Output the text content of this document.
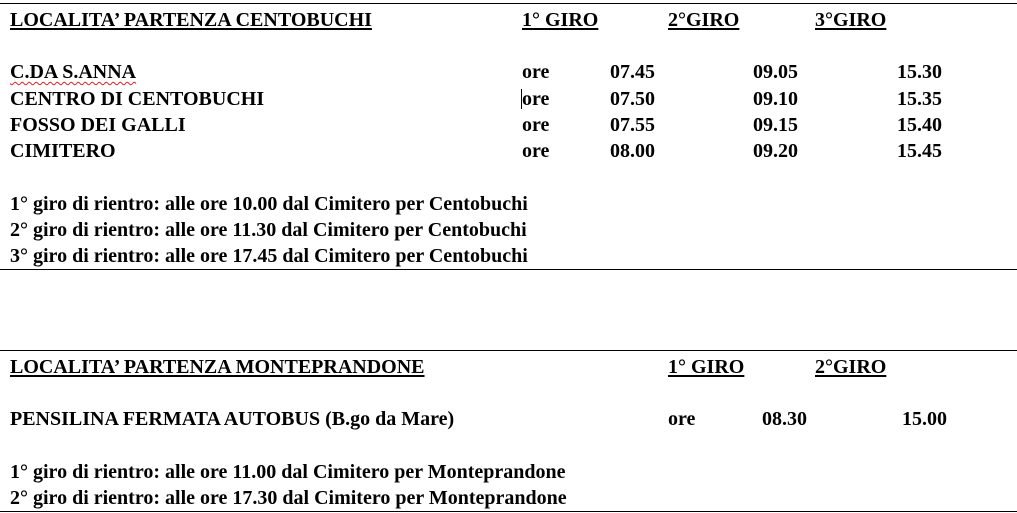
LOCALITA’ PARTENZA CENTOBUCHI	1° GIRO	2°GIRO	3°GIRO
C.DA S.ANNA	ore	07.45	09.05	15.30
CENTRO DI CENTOBUCHI	ore	07.50	09.10	15.35
FOSSO DEI GALLI	ore	07.55	09.15	15.40
CIMITERO	ore	08.00	09.20	15.45
1° giro di rientro: alle ore 10.00 dal Cimitero per Centobuchi
2° giro di rientro: alle ore 11.30 dal Cimitero per Centobuchi
3° giro di rientro: alle ore 17.45 dal Cimitero per Centobuchi
LOCALITA’ PARTENZA MONTEPRANDONE	1° GIRO	2°GIRO
PENSILINA FERMATA AUTOBUS (B.go da Mare)	ore	08.30	15.00
1° giro di rientro: alle ore 11.00 dal Cimitero per Monteprandone
2° giro di rientro: alle ore 17.30 dal Cimitero per Monteprandone
